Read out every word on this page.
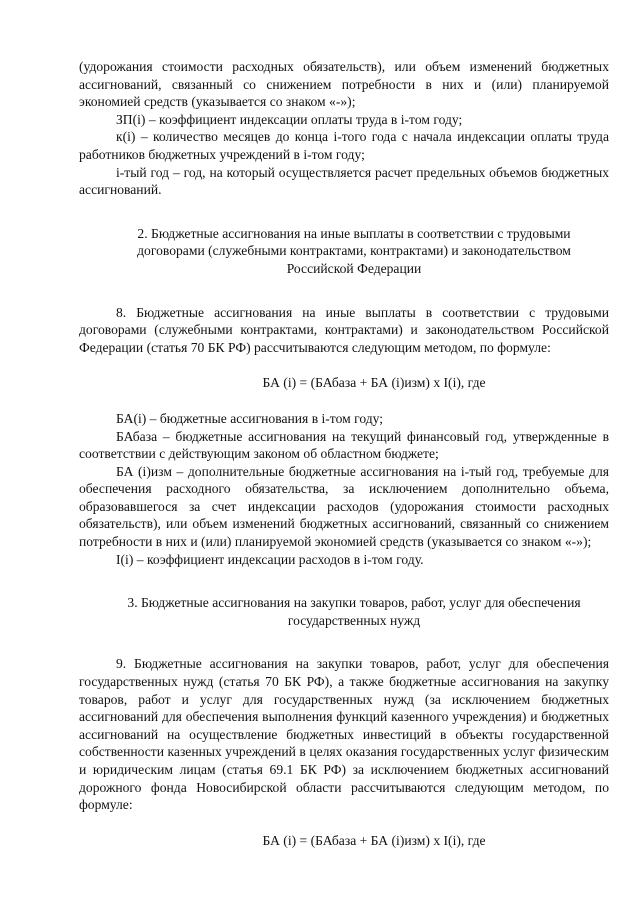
(удорожания стоимости расходных обязательств), или объем изменений бюджетных ассигнований, связанный со снижением потребности в них и (или) планируемой экономией средств (указывается со знаком «-»);

ЗП(i) – коэффициент индексации оплаты труда в i-том году;

к(i) – количество месяцев до конца i-того года с начала индексации оплаты труда работников бюджетных учреждений в i-том году;

i-тый год – год, на который осуществляется расчет предельных объемов бюджетных ассигнований.

2. Бюджетные ассигнования на иные выплаты в соответствии с трудовыми договорами (служебными контрактами, контрактами) и законодательством Российской Федерации

8. Бюджетные ассигнования на иные выплаты в соответствии с трудовыми договорами (служебными контрактами, контрактами) и законодательством Российской Федерации (статья 70 БК РФ) рассчитываются следующим методом, по формуле:

БА (i) = (БАбаза + БА (i)изм) х I(i), где

БА(i) – бюджетные ассигнования в i-том году;

БАбаза – бюджетные ассигнования на текущий финансовый год, утвержденные в соответствии с действующим законом об областном бюджете;

БА (i)изм – дополнительные бюджетные ассигнования на i-тый год, требуемые для обеспечения расходного обязательства, за исключением дополнительно объема, образовавшегося за счет индексации расходов (удорожания стоимости расходных обязательств), или объем изменений бюджетных ассигнований, связанный со снижением потребности в них и (или) планируемой экономией средств (указывается со знаком «-»);

I(i) – коэффициент индексации расходов в i-том году.

3. Бюджетные ассигнования на закупки товаров, работ, услуг для обеспечения государственных нужд

9. Бюджетные ассигнования на закупки товаров, работ, услуг для обеспечения государственных нужд (статья 70 БК РФ), а также бюджетные ассигнования на закупку товаров, работ и услуг для государственных нужд (за исключением бюджетных ассигнований для обеспечения выполнения функций казенного учреждения) и бюджетных ассигнований на осуществление бюджетных инвестиций в объекты государственной собственности казенных учреждений в целях оказания государственных услуг физическим и юридическим лицам (статья 69.1 БК РФ) за исключением бюджетных ассигнований дорожного фонда Новосибирской области рассчитываются следующим методом, по формуле:

БА (i) = (БАбаза + БА (i)изм) х I(i), где
